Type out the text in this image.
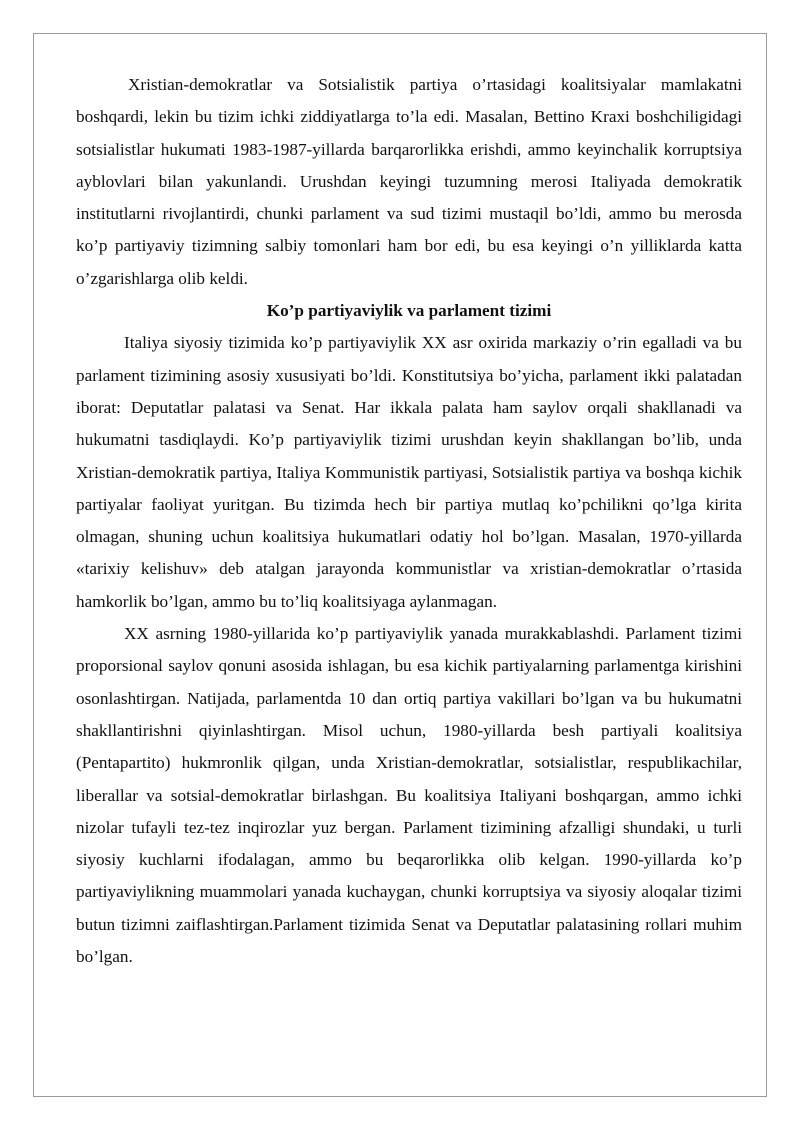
Xristian-demokratlar va Sotsialistik partiya o’rtasidagi koalitsiyalar mamlakatni boshqardi, lekin bu tizim ichki ziddiyatlarga to’la edi. Masalan, Bettino Kraxi boshchiligidagi sotsialistlar hukumati 1983-1987-yillarda barqarorlikka erishdi, ammo keyinchalik korruptsiya ayblovlari bilan yakunlandi. Urushdan keyingi tuzumning merosi Italiyada demokratik institutlarni rivojlantirdi, chunki parlament va sud tizimi mustaqil bo’ldi, ammo bu merosda ko’p partiyaviy tizimning salbiy tomonlari ham bor edi, bu esa keyingi o’n yilliklarda katta o’zgarishlarga olib keldi.

Ko’p partiyaviylik va parlament tizimi

Italiya siyosiy tizimida ko’p partiyaviylik XX asr oxirida markaziy o’rin egalladi va bu parlament tizimining asosiy xususiyati bo’ldi. Konstitutsiya bo’yicha, parlament ikki palatadan iborat: Deputatlar palatasi va Senat. Har ikkala palata ham saylov orqali shakllanadi va hukumatni tasdiqlaydi. Ko’p partiyaviylik tizimi urushdan keyin shakllangan bo’lib, unda Xristian-demokratik partiya, Italiya Kommunistik partiyasi, Sotsialistik partiya va boshqa kichik partiyalar faoliyat yuritgan. Bu tizimda hech bir partiya mutlaq ko’pchilikni qo’lga kirita olmagan, shuning uchun koalitsiya hukumatlari odatiy hol bo’lgan. Masalan, 1970-yillarda «tarixiy kelishuv» deb atalgan jarayonda kommunistlar va xristian-demokratlar o’rtasida hamkorlik bo’lgan, ammo bu to’liq koalitsiyaga aylanmagan.

XX asrning 1980-yillarida ko’p partiyaviylik yanada murakkablashdi. Parlament tizimi proporsional saylov qonuni asosida ishlagan, bu esa kichik partiyalarning parlamentga kirishini osonlashtirgan. Natijada, parlamentda 10 dan ortiq partiya vakillari bo’lgan va bu hukumatni shakllantirishni qiyinlashtirgan. Misol uchun, 1980-yillarda besh partiyali koalitsiya (Pentapartito) hukmronlik qilgan, unda Xristian-demokratlar, sotsialistlar, respublikachilar, liberallar va sotsial-demokratlar birlashgan. Bu koalitsiya Italiyani boshqargan, ammo ichki nizolar tufayli tez-tez inqirozlar yuz bergan. Parlament tizimining afzalligi shundaki, u turli siyosiy kuchlarni ifodalagan, ammo bu beqarorlikka olib kelgan. 1990-yillarda ko’p partiyaviylikning muammolari yanada kuchaygan, chunki korruptsiya va siyosiy aloqalar tizimi butun tizimni zaiflashtirgan.Parlament tizimida Senat va Deputatlar palatasining rollari muhim bo’lgan.
